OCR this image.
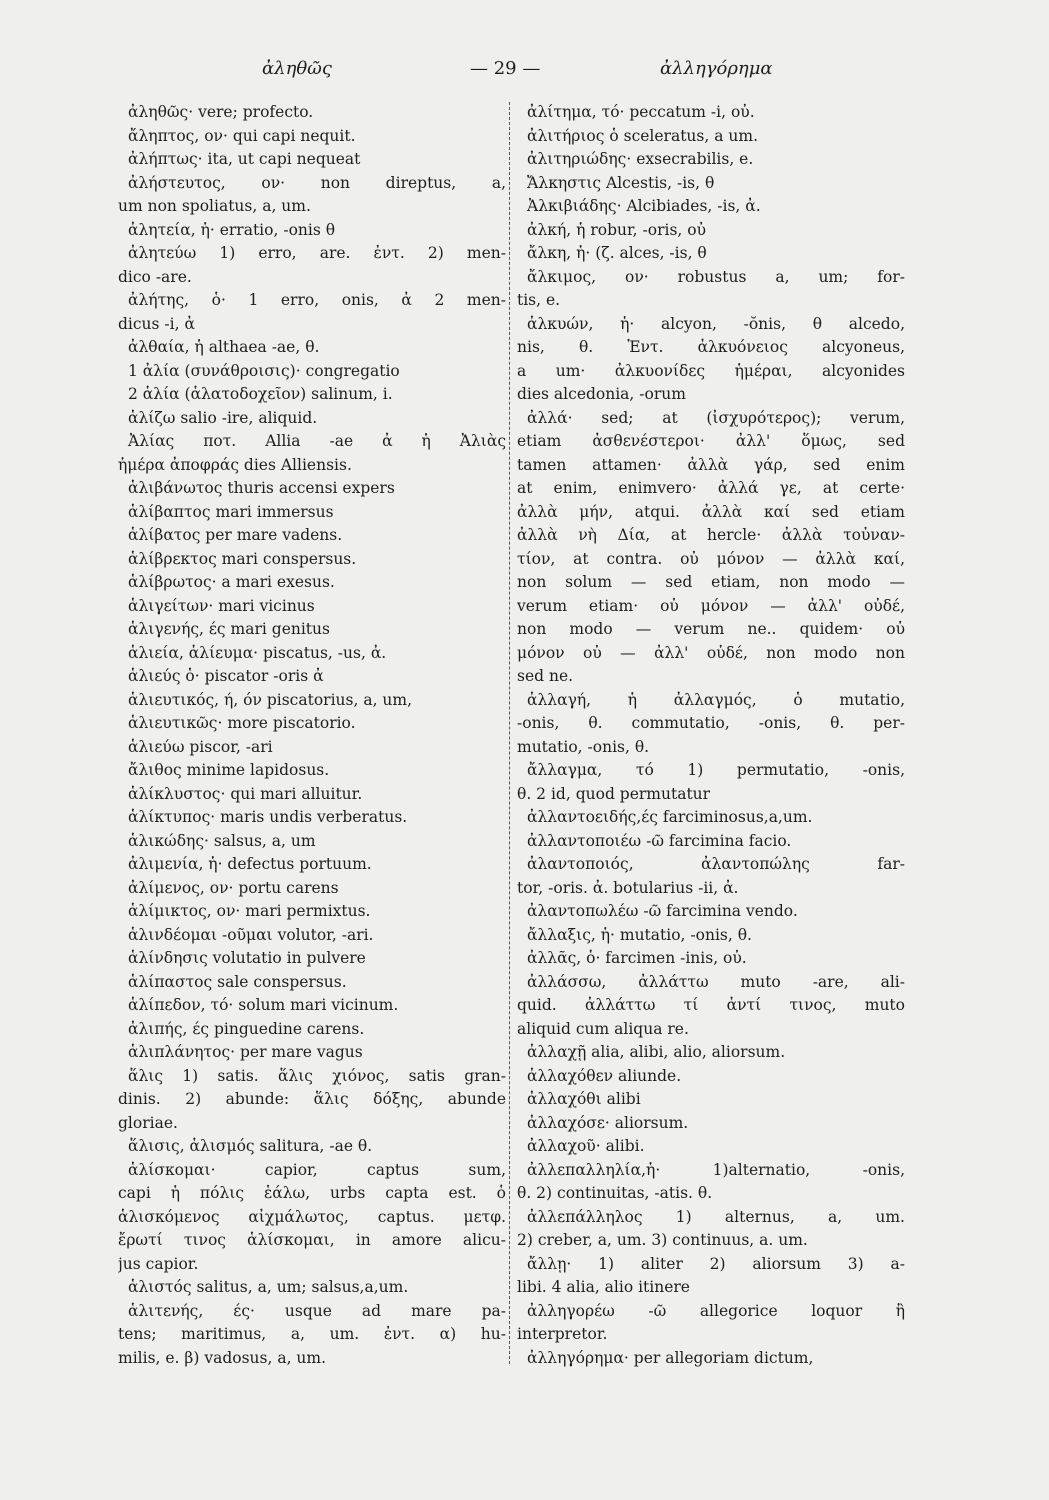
ἀληθῶς	— 29 —	ἀλληγόρημα
ἀληθῶς· vere; profecto.
ἄληπτος, ον· qui capi nequit.
ἀλήπτως· ita, ut capi nequeat
ἀλήστευτος, ον· non direptus, a,
um non spoliatus, a, um.
ἀλητεία, ἡ· erratio, -onis θ
ἀλητεύω 1) erro, are. ἐντ. 2) men-
dico -are.
ἀλήτης, ὁ· 1 erro, onis, ἀ 2 men-
dicus -i, ἀ
ἀλθαία, ἡ althaea -ae, θ.
1 ἀλία (συνάθροισις)· congregatio
2 ἁλία (ἁλατοδοχεῖον) salinum, i.
ἁλίζω salio -ire, aliquid.
Ἀλίας ποτ. Allia -ae ἀ ἡ Ἀλιὰς
ἡμέρα ἀποφράς dies Alliensis.
ἁλιβάνωτος thuris accensi expers
ἁλίβαπτος mari immersus
ἁλίβατος per mare vadens.
ἁλίβρεκτος mari conspersus.
ἁλίβρωτος· a mari exesus.
ἁλιγείτων· mari vicinus
ἁλιγενής, ές mari genitus
ἁλιεία, ἁλίευμα· piscatus, -us, ἀ.
ἁλιεύς ὁ· piscator -oris ἀ
ἁλιευτικός, ή, όν piscatorius, a, um,
ἁλιευτικῶς· more piscatorio.
ἁλιεύω piscor, -ari
ἄλιθος minime lapidosus.
ἁλίκλυστος· qui mari alluitur.
ἁλίκτυπος· maris undis verberatus.
ἁλικώδης· salsus, a, um
ἀλιμενία, ἡ· defectus portuum.
ἀλίμενος, ον· portu carens
ἁλίμικτος, ον· mari permixtus.
ἁλινδέομαι -οῦμαι volutor, -ari.
ἁλίνδησις volutatio in pulvere
ἁλίπαστος sale conspersus.
ἁλίπεδον, τό· solum mari vicinum.
ἀλιπής, ές pinguedine carens.
ἁλιπλάνητος· per mare vagus
ἅλις 1) satis. ἅλις χιόνος, satis gran-
dinis. 2) abunde: ἅλις δόξης, abunde
gloriae.
ἅλισις, ἁλισμός salitura, -ae θ.
ἁλίσκομαι· capior, captus sum,
capi ἡ πόλις ἑάλω, urbs capta est. ὁ
ἁλισκόμενος αἰχμάλωτος, captus. μετφ.
ἔρωτί τινος ἁλίσκομαι, in amore alicu-
jus capior.
ἁλιστός salitus, a, um; salsus,a,um.
ἁλιτενής, ές· usque ad mare pa-
tens; maritimus, a, um. ἐντ. α) hu-
milis, e. β) vadosus, a, um.
ἀλίτημα, τό· peccatum -i, οὐ.
ἀλιτήριος ὁ sceleratus, a um.
ἀλιτηριώδης· exsecrabilis, e.
Ἄλκηστις Alcestis, -is, θ
Ἀλκιβιάδης· Alcibiades, -is, ἀ.
ἀλκή, ἡ robur, -oris, οὐ
ἄλκη, ἡ· (ζ. alces, -is, θ
ἄλκιμος, ον· robustus a, um; for-
tis, e.
ἀλκυών, ἡ· alcyon, -ŏnis, θ alcedo,
nis, θ. Ἐντ. ἀλκυόνειος alcyoneus,
a um· ἀλκυονίδες ἡμέραι, alcyonides
dies alcedonia, -orum
ἀλλά· sed; at (ἰσχυρότερος); verum,
etiam ἀσθενέστεροι· ἀλλ' ὅμως, sed
tamen attamen· ἀλλὰ γάρ, sed enim
at enim, enimvero· ἀλλά γε, at certe·
ἀλλὰ μήν, atqui. ἀλλὰ καί sed etiam
ἀλλὰ νὴ Δία, at hercle· ἀλλὰ τοὐναν-
τίον, at contra. οὐ μόνον — ἀλλὰ καί,
non solum — sed etiam, non modo —
verum etiam· οὐ μόνον — ἀλλ' οὐδέ,
non modo — verum ne.. quidem· οὐ
μόνον οὐ — ἀλλ' οὐδέ, non modo non
sed ne.
ἀλλαγή, ἡ ἀλλαγμός, ὁ mutatio,
-onis, θ. commutatio, -onis, θ. per-
mutatio, -onis, θ.
ἄλλαγμα, τό 1) permutatio, -onis,
θ. 2 id, quod permutatur
ἀλλαντοειδής,ές farciminosus,a,um.
ἀλλαντοποιέω -ῶ farcimina facio.
ἀλαντοποιός, ἀλαντοπώλης far-
tor, -oris. ἀ. botularius -ii, ἀ.
ἀλαντοπωλέω -ῶ farcimina vendo.
ἄλλαξις, ἡ· mutatio, -onis, θ.
ἀλλᾶς, ὁ· farcimen -inis, οὐ.
ἀλλάσσω, ἀλλάττω muto -are, ali-
quid. ἀλλάττω τί ἀντί τινος, muto
aliquid cum aliqua re.
ἀλλαχῇ alia, alibi, alio, aliorsum.
ἀλλαχόθεν aliunde.
ἀλλαχόθι alibi
ἀλλαχόσε· aliorsum.
ἀλλαχοῦ· alibi.
ἀλλεπαλληλία,ἡ· 1)alternatio, -onis,
θ. 2) continuitas, -atis. θ.
ἀλλεπάλληλος 1) alternus, a, um.
2) creber, a, um. 3) continuus, a. um.
ἄλλῃ· 1) aliter 2) aliorsum 3) a-
libi. 4 alia, alio itinere
ἀλληγορέω -ῶ allegorice loquor ἢ
interpretor.
ἀλληγόρημα· per allegoriam dictum,
